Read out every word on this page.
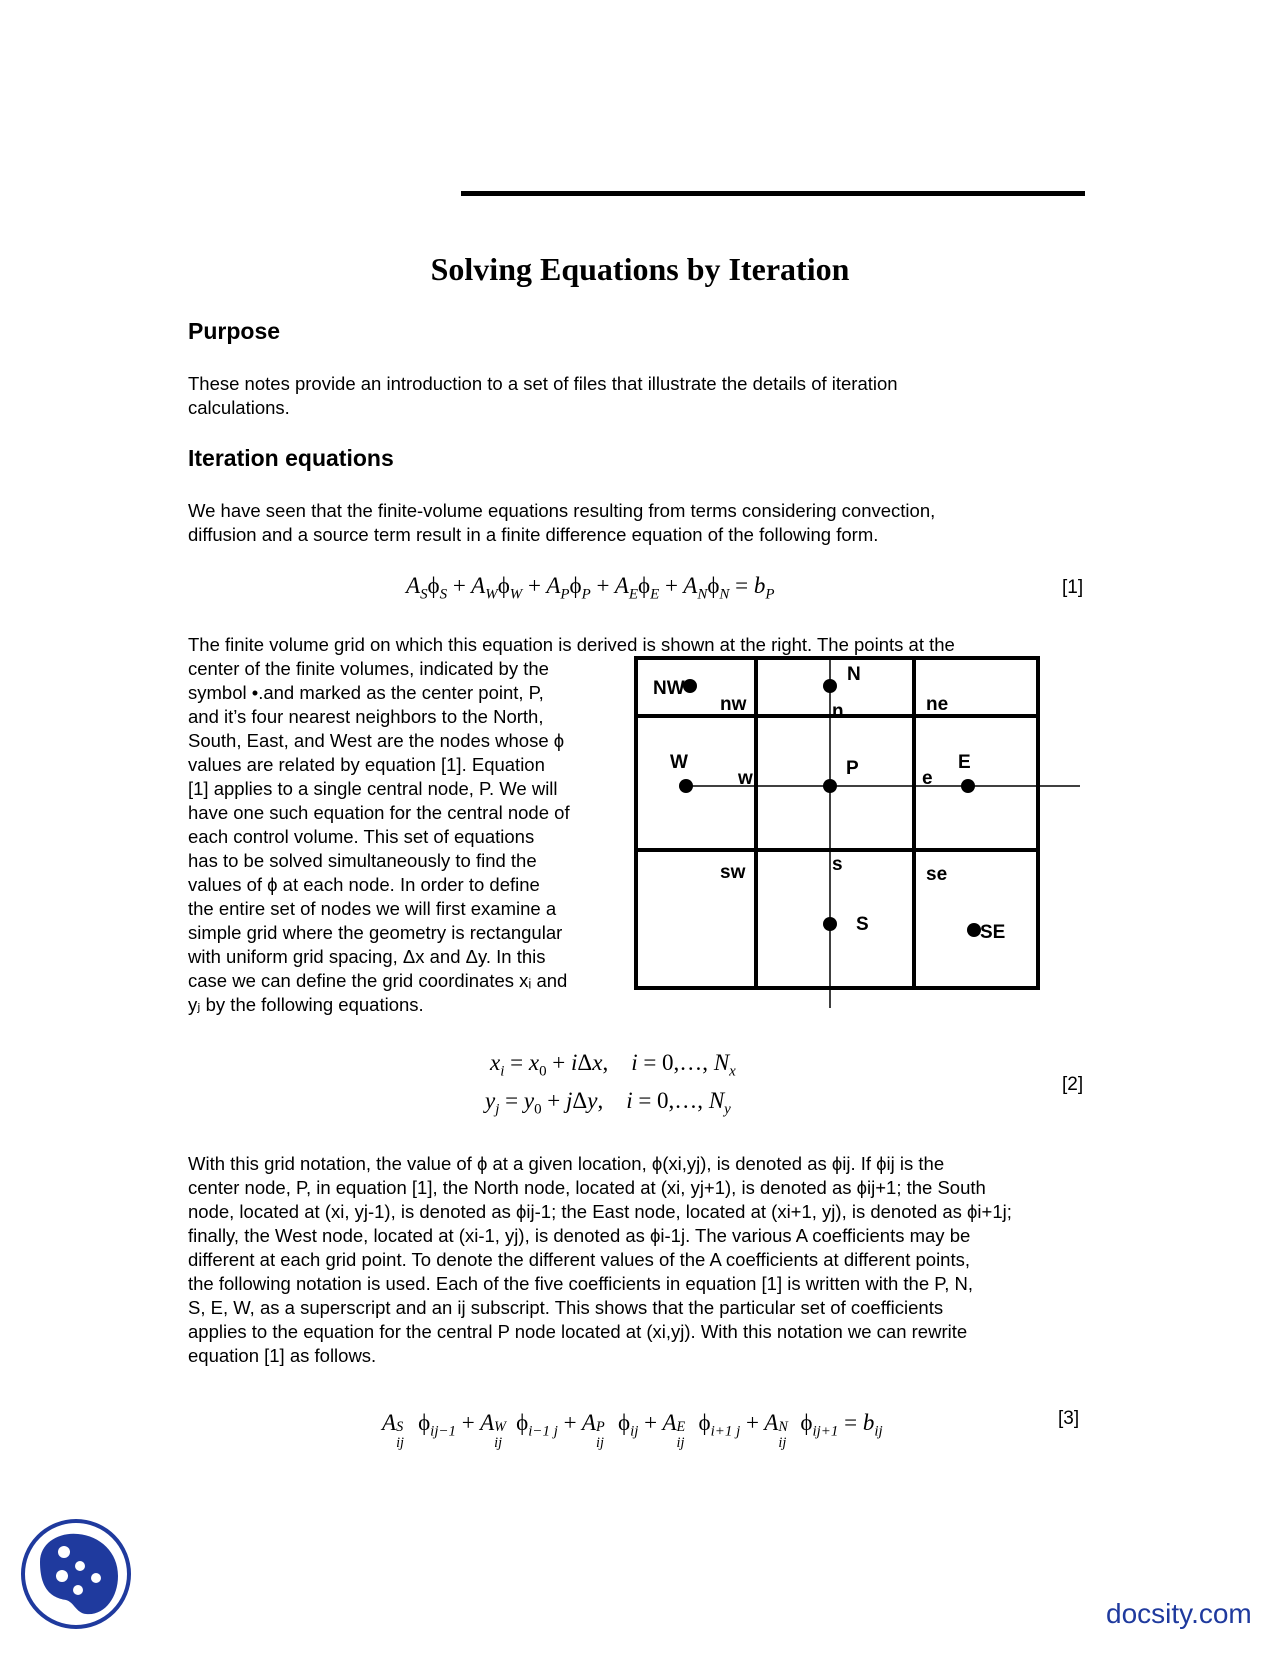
Solving Equations by Iteration
Purpose

These notes provide an introduction to a set of files that illustrate the details of iteration
calculations.

Iteration equations

We have seen that the finite-volume equations resulting from terms considering convection,
diffusion and a source term result in a finite difference equation of the following form.

$A_S\phi_S + A_W\phi_W + A_P\phi_P + A_E\phi_E + A_N\phi_N = b_P$	[1]

The finite volume grid on which this equation is derived is shown at the right. The points at the

center of the finite volumes, indicated by the
symbol •.and marked as the center point, P,
and it’s four nearest neighbors to the North,
South, East, and West are the nodes whose ϕ
values are related by equation [1]. Equation
[1] applies to a single central node, P. We will
have one such equation for the central node of
each control volume. This set of equations
has to be solved simultaneously to find the
values of ϕ at each node. In order to define
the entire set of nodes we will first examine a
simple grid where the geometry is rectangular
with uniform grid spacing, Δx and Δy. In this
case we can define the grid coordinates xᵢ and
yⱼ by the following equations.

NW
N
nw	n	ne
W
w	P	e
E
sw	s	se
S	SE
$x_i = x_0 + i\Delta x$,    i = 0,…, $N_x$
$y_j = y_0 + j\Delta y$,    i = 0,…, $N_y$
[2]

With this grid notation, the value of ϕ at a given location, ϕ(xi,yj), is denoted as ϕij. If ϕij is the
center node, P, in equation [1], the North node, located at (xi, yj+1), is denoted as ϕij+1; the South
node, located at (xi, yj-1), is denoted as ϕij-1; the East node, located at (xi+1, yj), is denoted as ϕi+1j;
finally, the West node, located at (xi-1, yj), is denoted as ϕi-1j. The various A coefficients may be
different at each grid point. To denote the different values of the A coefficients at different points,
the following notation is used. Each of the five coefficients in equation [1] is written with the P, N,
S, E, W, as a superscript and an ij subscript. This shows that the particular set of coefficients
applies to the equation for the central P node located at (xi,yj). With this notation we can rewrite
equation [1] as follows.

A S
ij
$\phi_{ij-1} + A$ W
ij
$\phi_{i-1 j} + A$ P
ij
$\phi_{ij} + A$ E
ij
$\phi_{i+1 j} + A$ N
ij
$\phi_{ij+1} = b_{ij}$
[3]
docsity.com
